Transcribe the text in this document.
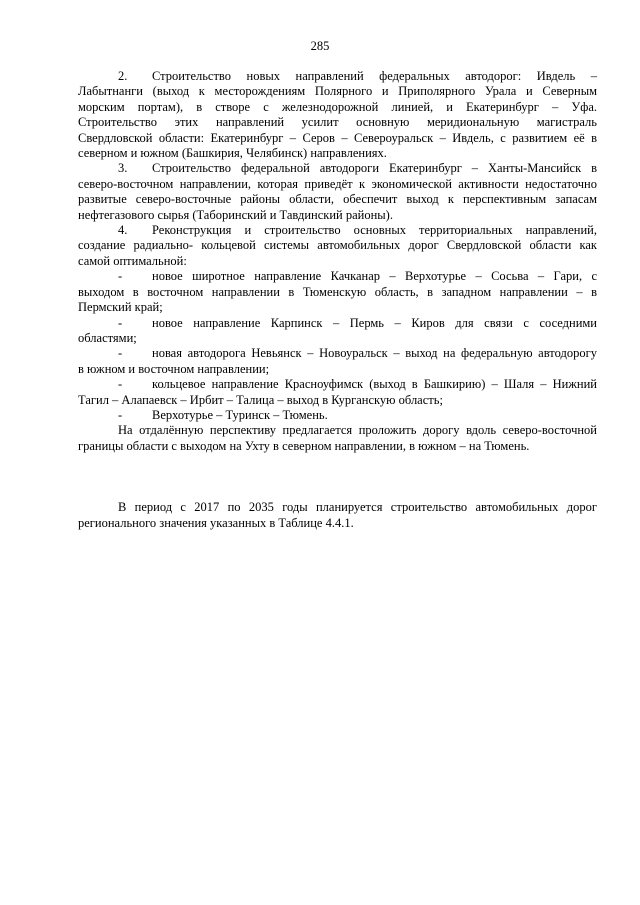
285
2. Строительство новых направлений федеральных автодорог: Ивдель –
Лабытнанги (выход к месторождениям Полярного и Приполярного Урала и Северным
морским портам), в створе с железнодорожной линией, и Екатеринбург – Уфа.
Строительство этих направлений усилит основную меридиональную магистраль
Свердловской области: Екатеринбург – Серов – Североуральск – Ивдель, с развитием её в
северном и южном (Башкирия, Челябинск) направлениях.
3. Строительство федеральной автодороги Екатеринбург – Ханты-Мансийск в
северо-восточном направлении, которая приведёт к экономической активности недостаточно
развитые северо-восточные районы области, обеспечит выход к перспективным запасам
нефтегазового сырья (Таборинский и Тавдинский районы).
4. Реконструкция и строительство основных территориальных направлений,
создание радиально- кольцевой системы автомобильных дорог Свердловской области как
самой оптимальной:
- новое широтное направление Качканар – Верхотурье – Сосьва – Гари, с
выходом в восточном направлении в Тюменскую область, в западном направлении – в
Пермский край;
- новое направление Карпинск – Пермь – Киров для связи с соседними
областями;
- новая автодорога Невьянск – Новоуральск – выход на федеральную автодорогу
в южном и восточном направлении;
- кольцевое направление Красноуфимск (выход в Башкирию) – Шаля – Нижний
Тагил – Алапаевск – Ирбит – Талица – выход в Курганскую область;
- Верхотурье – Туринск – Тюмень.
На отдалённую перспективу предлагается проложить дорогу вдоль северо-восточной
границы области с выходом на Ухту в северном направлении, в южном – на Тюмень.
В период с 2017 по 2035 годы планируется строительство автомобильных дорог
регионального значения указанных в Таблице 4.4.1.
